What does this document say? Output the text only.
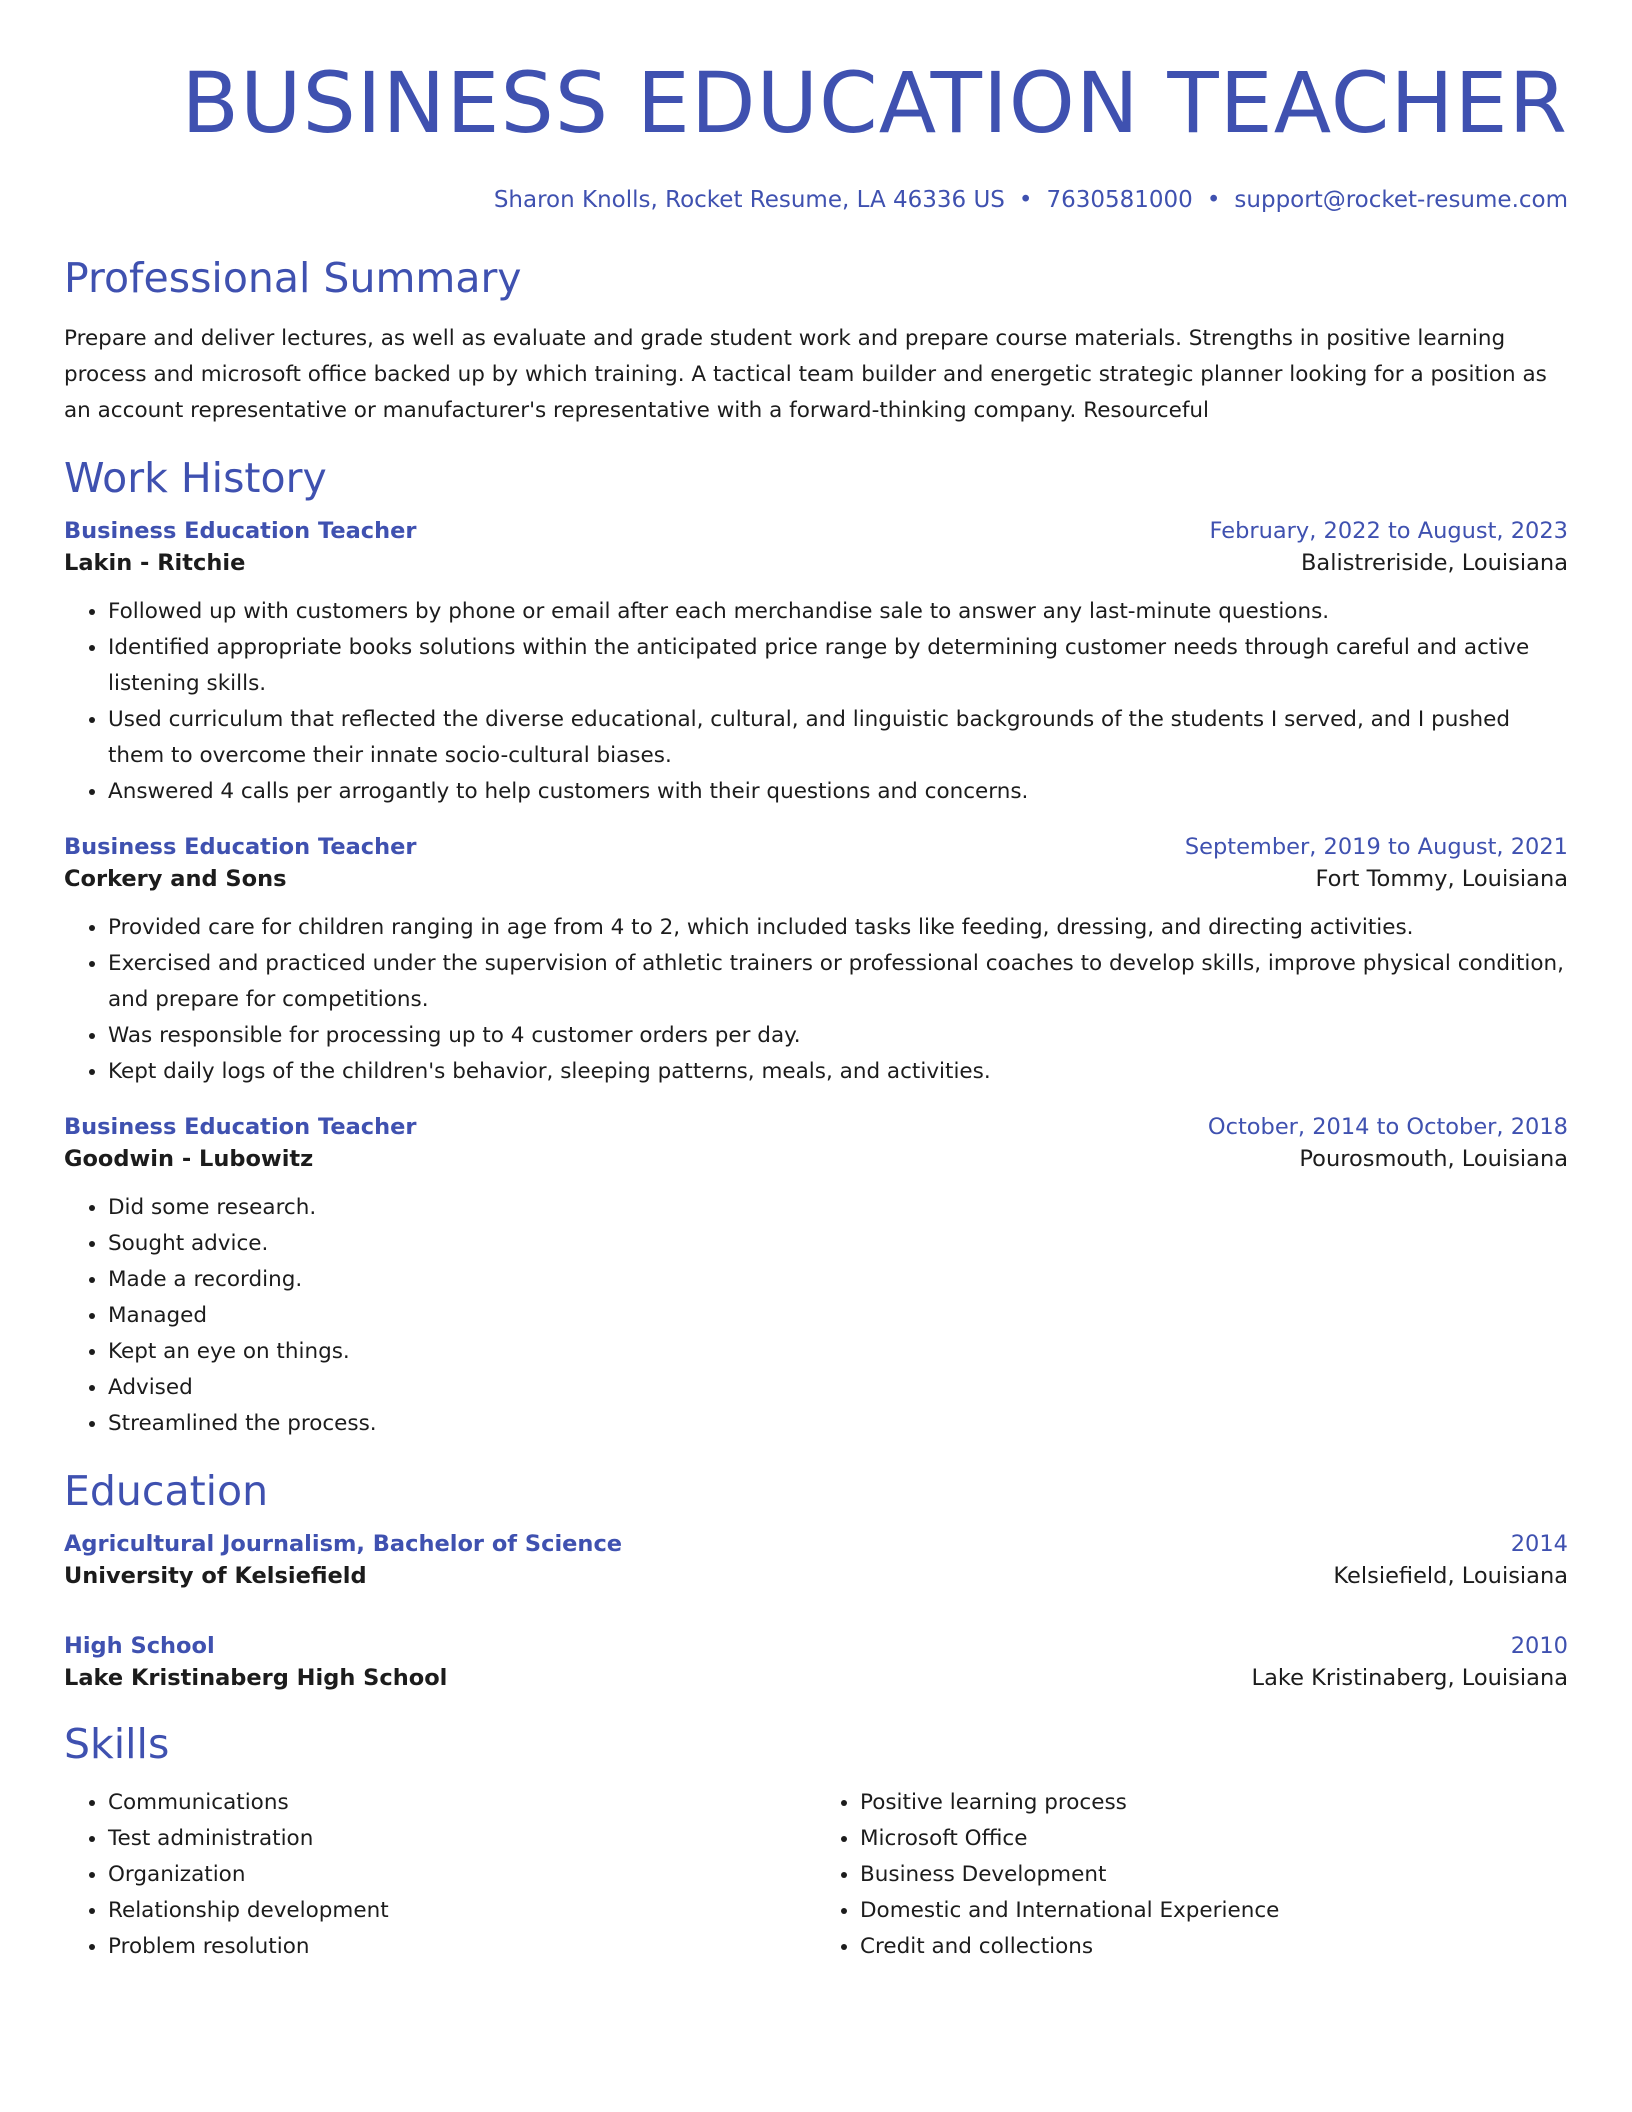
BUSINESS EDUCATION TEACHER
Sharon Knolls, Rocket Resume, LA 46336 US • 7630581000 • support@rocket-resume.com
Professional Summary

Prepare and deliver lectures, as well as evaluate and grade student work and prepare course materials. Strengths in positive learning process and microsoft office backed up by which training. A tactical team builder and energetic strategic planner looking for a position as an account representative or manufacturer's representative with a forward-thinking company. Resourceful

Work History
Business Education Teacher	February, 2022 to August, 2023
Lakin - Ritchie	Balistreriside, Louisiana
• Followed up with customers by phone or email after each merchandise sale to answer any last-minute questions.
• Identified appropriate books solutions within the anticipated price range by determining customer needs through careful and active listening skills.
• Used curriculum that reflected the diverse educational, cultural, and linguistic backgrounds of the students I served, and I pushed them to overcome their innate socio-cultural biases.
• Answered 4 calls per arrogantly to help customers with their questions and concerns.
Business Education Teacher	September, 2019 to August, 2021
Corkery and Sons	Fort Tommy, Louisiana
• Provided care for children ranging in age from 4 to 2, which included tasks like feeding, dressing, and directing activities.
• Exercised and practiced under the supervision of athletic trainers or professional coaches to develop skills, improve physical condition, and prepare for competitions.
• Was responsible for processing up to 4 customer orders per day.
• Kept daily logs of the children's behavior, sleeping patterns, meals, and activities.
Business Education Teacher	October, 2014 to October, 2018
Goodwin - Lubowitz	Pourosmouth, Louisiana
• Did some research.
• Sought advice.
• Made a recording.
• Managed
• Kept an eye on things.
• Advised
• Streamlined the process.
Education
Agricultural Journalism, Bachelor of Science	2014
University of Kelsiefield	Kelsiefield, Louisiana
High School	2010
Lake Kristinaberg High School	Lake Kristinaberg, Louisiana
Skills
• Communications
• Test administration
• Organization
• Relationship development
• Problem resolution
• Positive learning process
• Microsoft Office
• Business Development
• Domestic and International Experience
• Credit and collections
